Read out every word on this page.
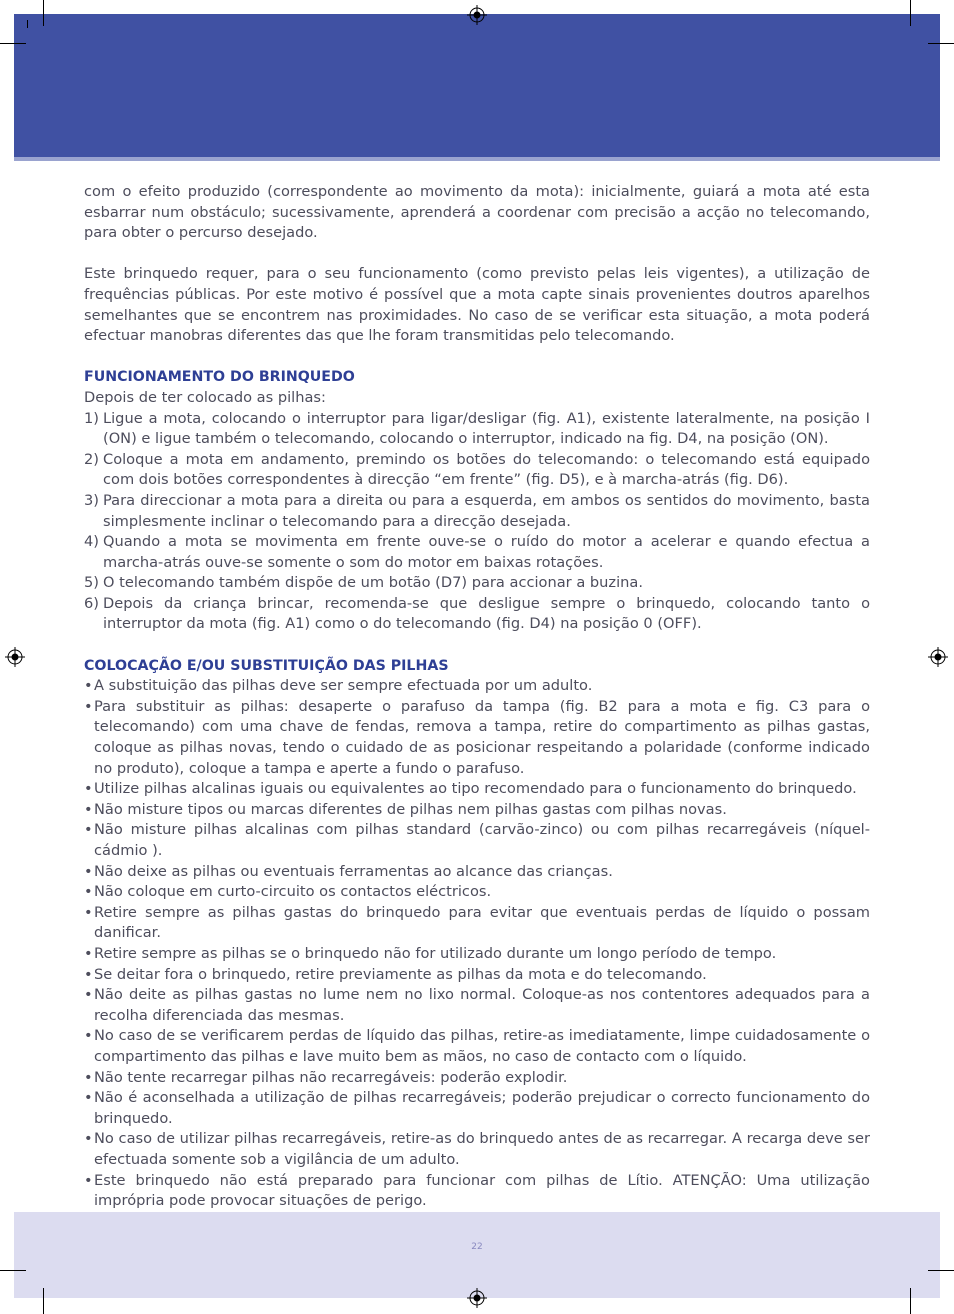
22

com o efeito produzido (correspondente ao movimento da mota): inicialmente, guiará a mota até esta esbarrar num obstáculo; sucessivamente, aprenderá a coordenar com precisão a acção no telecomando, para obter o percurso desejado.

Este brinquedo requer, para o seu funcionamento (como previsto pelas leis vigentes), a utilização de frequências públicas. Por este motivo é possível que a mota capte sinais provenientes doutros aparelhos semelhantes que se encontrem nas proximidades. No caso de se verificar esta situação, a mota poderá efectuar manobras diferentes das que lhe foram transmitidas pelo telecomando.

FUNCIONAMENTO DO BRINQUEDO
Depois de ter colocado as pilhas:
1) Ligue a mota, colocando o interruptor para ligar/desligar (fig. A1), existente lateralmente, na posição I (ON) e ligue também o telecomando, colocando o interruptor, indicado na fig. D4, na posição (ON).
2) Coloque a mota em andamento, premindo os botões do telecomando: o telecomando está equipado com dois botões correspondentes à direcção “em frente” (fig. D5), e à marcha-atrás (fig. D6).
3) Para direccionar a mota para a direita ou para a esquerda, em ambos os sentidos do movimento, basta simplesmente inclinar o telecomando para a direcção desejada.
4) Quando a mota se movimenta em frente ouve-se o ruído do motor a acelerar e quando efectua a marcha-atrás ouve-se somente o som do motor em baixas rotações.
5) O telecomando também dispõe de um botão (D7) para accionar a buzina.
6) Depois da criança brincar, recomenda-se que desligue sempre o brinquedo, colocando tanto o interruptor da mota (fig. A1) como o do telecomando (fig. D4) na posição 0 (OFF).
COLOCAÇÃO E/OU SUBSTITUIÇÃO DAS PILHAS
• A substituição das pilhas deve ser sempre efectuada por um adulto.
• Para substituir as pilhas: desaperte o parafuso da tampa (fig. B2 para a mota e fig. C3 para o telecomando) com uma chave de fendas, remova a tampa, retire do compartimento as pilhas gastas, coloque as pilhas novas, tendo o cuidado de as posicionar respeitando a polaridade (conforme indicado no produto), coloque a tampa e aperte a fundo o parafuso.
• Utilize pilhas alcalinas iguais ou equivalentes ao tipo recomendado para o funcionamento do brinquedo.
• Não misture tipos ou marcas diferentes de pilhas nem pilhas gastas com pilhas novas.
• Não misture pilhas alcalinas com pilhas standard (carvão-zinco) ou com pilhas recarregáveis (níquel-cádmio ).
• Não deixe as pilhas ou eventuais ferramentas ao alcance das crianças.
• Não coloque em curto-circuito os contactos eléctricos.
• Retire sempre as pilhas gastas do brinquedo para evitar que eventuais perdas de líquido o possam danificar.
• Retire sempre as pilhas se o brinquedo não for utilizado durante um longo período de tempo.
• Se deitar fora o brinquedo, retire previamente as pilhas da mota e do telecomando.
• Não deite as pilhas gastas no lume nem no lixo normal. Coloque-as nos contentores adequados para a recolha diferenciada das mesmas.
• No caso de se verificarem perdas de líquido das pilhas, retire-as imediatamente, limpe cuidadosamente o compartimento das pilhas e lave muito bem as mãos, no caso de contacto com o líquido.
• Não tente recarregar pilhas não recarregáveis: poderão explodir.
• Não é aconselhada a utilização de pilhas recarregáveis; poderão prejudicar o correcto funcionamento do brinquedo.
• No caso de utilizar pilhas recarregáveis, retire-as do brinquedo antes de as recarregar. A recarga deve ser efectuada somente sob a vigilância de um adulto.
• Este brinquedo não está preparado para funcionar com pilhas de Lítio. ATENÇÃO: Uma utilização imprópria pode provocar situações de perigo.
